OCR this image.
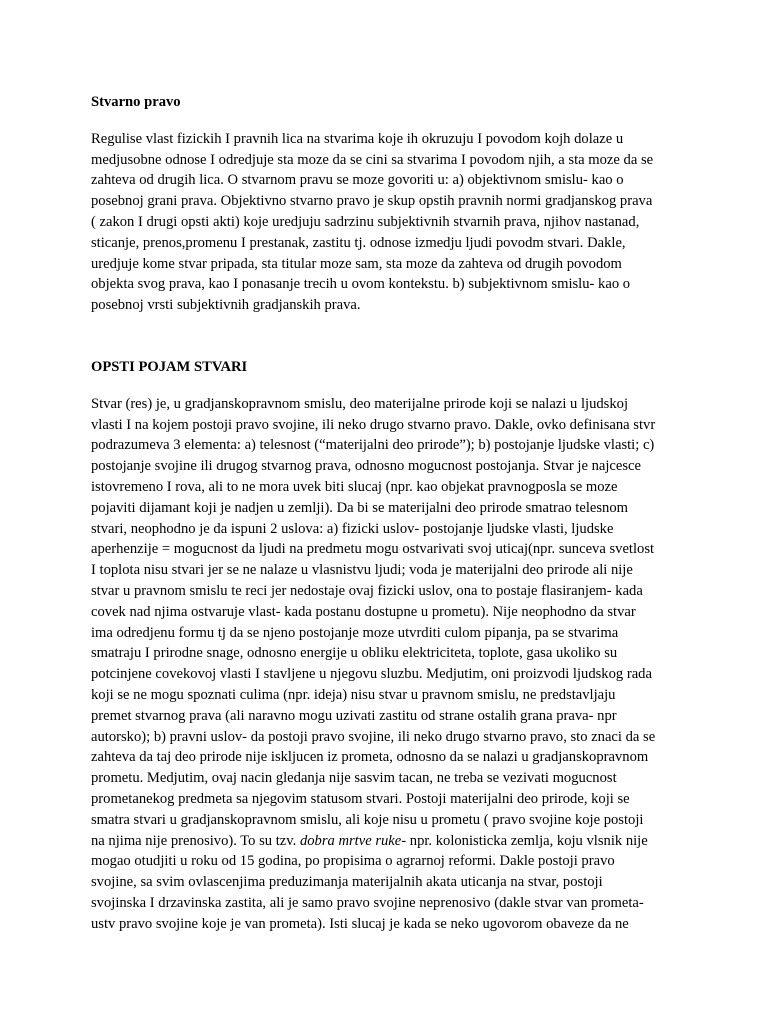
Stvarno pravo

Regulise vlast fizickih I pravnih lica na stvarima koje ih okruzuju I povodom kojh dolaze u
medjusobne odnose I odredjuje sta moze da se cini sa stvarima I povodom njih, a sta moze da se
zahteva od drugih lica. O stvarnom pravu se moze govoriti u: a) objektivnom smislu- kao o
posebnoj grani prava. Objektivno stvarno pravo je skup opstih pravnih normi gradjanskog prava
( zakon I drugi opsti akti) koje uredjuju sadrzinu subjektivnih stvarnih prava, njihov nastanad,
sticanje, prenos,promenu I prestanak, zastitu tj. odnose izmedju ljudi povodm stvari. Dakle,
uredjuje kome stvar pripada, sta titular moze sam, sta moze da zahteva od drugih povodom
objekta svog prava, kao I ponasanje trecih u ovom kontekstu. b) subjektivnom smislu- kao o
posebnoj vrsti subjektivnih gradjanskih prava.

OPSTI POJAM STVARI

Stvar (res) je, u gradjanskopravnom smislu, deo materijalne prirode koji se nalazi u ljudskoj
vlasti I na kojem postoji pravo svojine, ili neko drugo stvarno pravo. Dakle, ovko definisana stvr
podrazumeva 3 elementa: a) telesnost (“materijalni deo prirode”); b) postojanje ljudske vlasti; c)
postojanje svojine ili drugog stvarnog prava, odnosno mogucnost postojanja. Stvar je najcesce
istovremeno I rova, ali to ne mora uvek biti slucaj (npr. kao objekat pravnogposla se moze
pojaviti dijamant koji je nadjen u zemlji). Da bi se materijalni deo prirode smatrao telesnom
stvari, neophodno je da ispuni 2 uslova: a) fizicki uslov- postojanje ljudske vlasti, ljudske
aperhenzije = mogucnost da ljudi na predmetu mogu ostvarivati svoj uticaj(npr. sunceva svetlost
I toplota nisu stvari jer se ne nalaze u vlasnistvu ljudi; voda je materijalni deo prirode ali nije
stvar u pravnom smislu te reci jer nedostaje ovaj fizicki uslov, ona to postaje flasiranjem- kada
covek nad njima ostvaruje vlast- kada postanu dostupne u prometu). Nije neophodno da stvar
ima odredjenu formu tj da se njeno postojanje moze utvrditi culom pipanja, pa se stvarima
smatraju I prirodne snage, odnosno energije u obliku elektriciteta, toplote, gasa ukoliko su
potcinjene covekovoj vlasti I stavljene u njegovu sluzbu. Medjutim, oni proizvodi ljudskog rada
koji se ne mogu spoznati culima (npr. ideja) nisu stvar u pravnom smislu, ne predstavljaju
premet stvarnog prava (ali naravno mogu uzivati zastitu od strane ostalih grana prava- npr
autorsko); b) pravni uslov- da postoji pravo svojine, ili neko drugo stvarno pravo, sto znaci da se
zahteva da taj deo prirode nije iskljucen iz prometa, odnosno da se nalazi u gradjanskopravnom
prometu. Medjutim, ovaj nacin gledanja nije sasvim tacan, ne treba se vezivati mogucnost
prometanekog predmeta sa njegovim statusom stvari. Postoji materijalni deo prirode, koji se
smatra stvari u gradjanskopravnom smislu, ali koje nisu u prometu ( pravo svojine koje postoji
na njima nije prenosivo). To su tzv. dobra mrtve ruke- npr. kolonisticka zemlja, koju vlsnik nije
mogao otudjiti u roku od 15 godina, po propisima o agrarnoj reformi. Dakle postoji pravo
svojine, sa svim ovlascenjima preduzimanja materijalnih akata uticanja na stvar, postoji
svojinska I drzavinska zastita, ali je samo pravo svojine neprenosivo (dakle stvar van prometa-
ustv pravo svojine koje je van prometa). Isti slucaj je kada se neko ugovorom obaveze da ne
